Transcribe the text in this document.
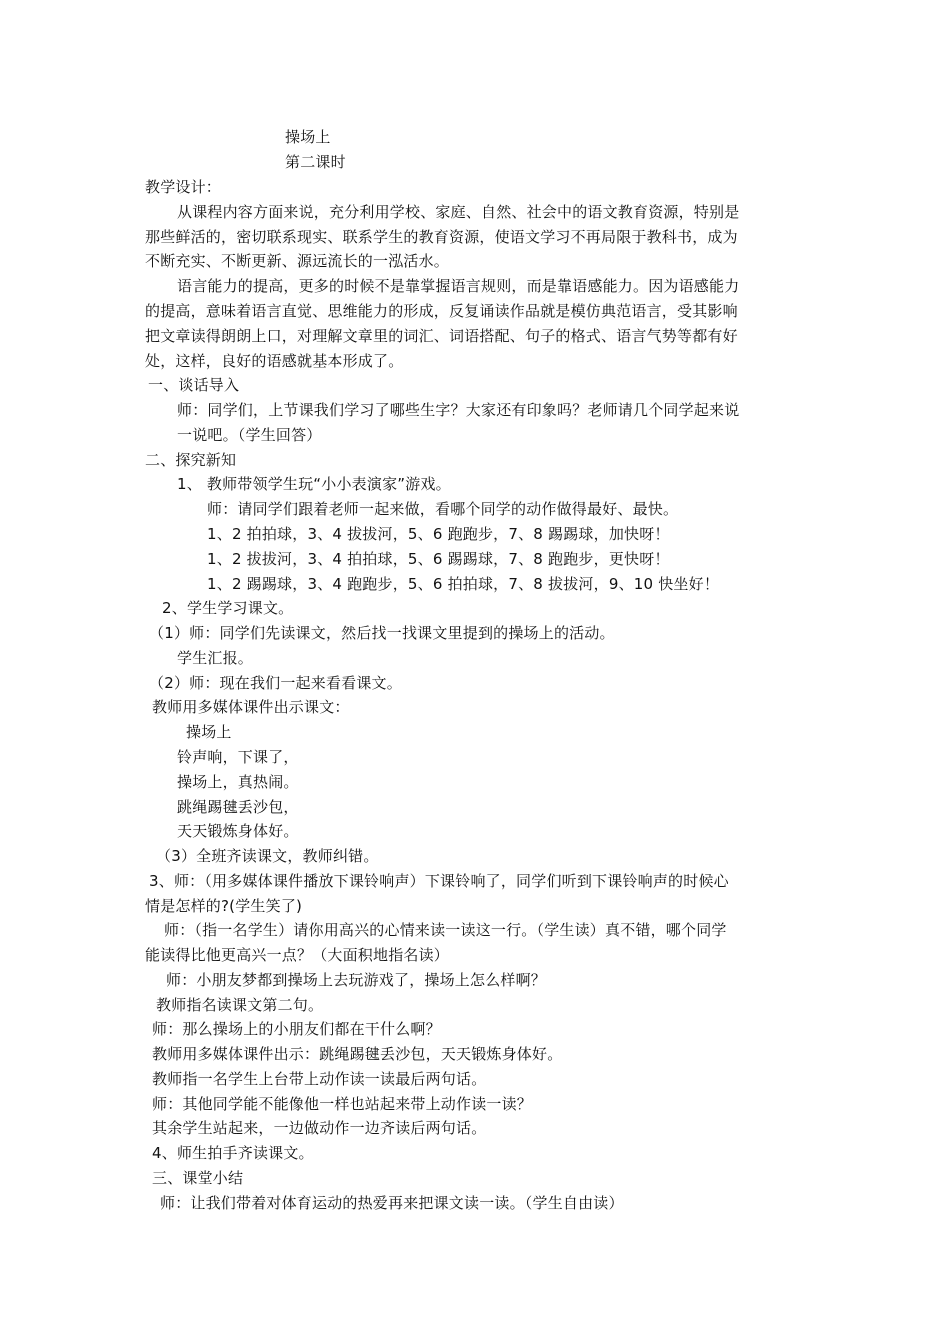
操场上
第二课时
教学设计：
从课程内容方面来说，充分利用学校、家庭、自然、社会中的语文教育资源，特别是
那些鲜活的，密切联系现实、联系学生的教育资源，使语文学习不再局限于教科书，成为
不断充实、不断更新、源远流长的一泓活水。
语言能力的提高，更多的时候不是靠掌握语言规则，而是靠语感能力。因为语感能力
的提高，意味着语言直觉、思维能力的形成，反复诵读作品就是模仿典范语言，受其影响
把文章读得朗朗上口，对理解文章里的词汇、词语搭配、句子的格式、语言气势等都有好
处，这样，良好的语感就基本形成了。
一、谈话导入
师：同学们，上节课我们学习了哪些生字？大家还有印象吗？老师请几个同学起来说
一说吧。（学生回答）
二、探究新知
1、 教师带领学生玩“小小表演家”游戏。
师：请同学们跟着老师一起来做，看哪个同学的动作做得最好、最快。
1、2 拍拍球，3、4 拔拔河，5、6 跑跑步，7、8 踢踢球，加快呀！
1、2 拔拔河，3、4 拍拍球，5、6 踢踢球，7、8 跑跑步，更快呀！
1、2 踢踢球，3、4 跑跑步，5、6 拍拍球，7、8 拔拔河，9、10 快坐好！
2、学生学习课文。
（1）师：同学们先读课文，然后找一找课文里提到的操场上的活动。
学生汇报。
（2）师：现在我们一起来看看课文。
教师用多媒体课件出示课文：
操场上
铃声响，下课了，
操场上，真热闹。
跳绳踢毽丢沙包，
天天锻炼身体好。
（3）全班齐读课文，教师纠错。
3、师：（用多媒体课件播放下课铃响声）下课铃响了，同学们听到下课铃响声的时候心
情是怎样的?(学生笑了)
师：（指一名学生）请你用高兴的心情来读一读这一行。（学生读）真不错，哪个同学
能读得比他更高兴一点？（大面积地指名读）
师：小朋友梦都到操场上去玩游戏了，操场上怎么样啊？
教师指名读课文第二句。
师：那么操场上的小朋友们都在干什么啊？
教师用多媒体课件出示：跳绳踢毽丢沙包，天天锻炼身体好。
教师指一名学生上台带上动作读一读最后两句话。
师：其他同学能不能像他一样也站起来带上动作读一读？
其余学生站起来，一边做动作一边齐读后两句话。
4、师生拍手齐读课文。
三、课堂小结
师：让我们带着对体育运动的热爱再来把课文读一读。（学生自由读）
